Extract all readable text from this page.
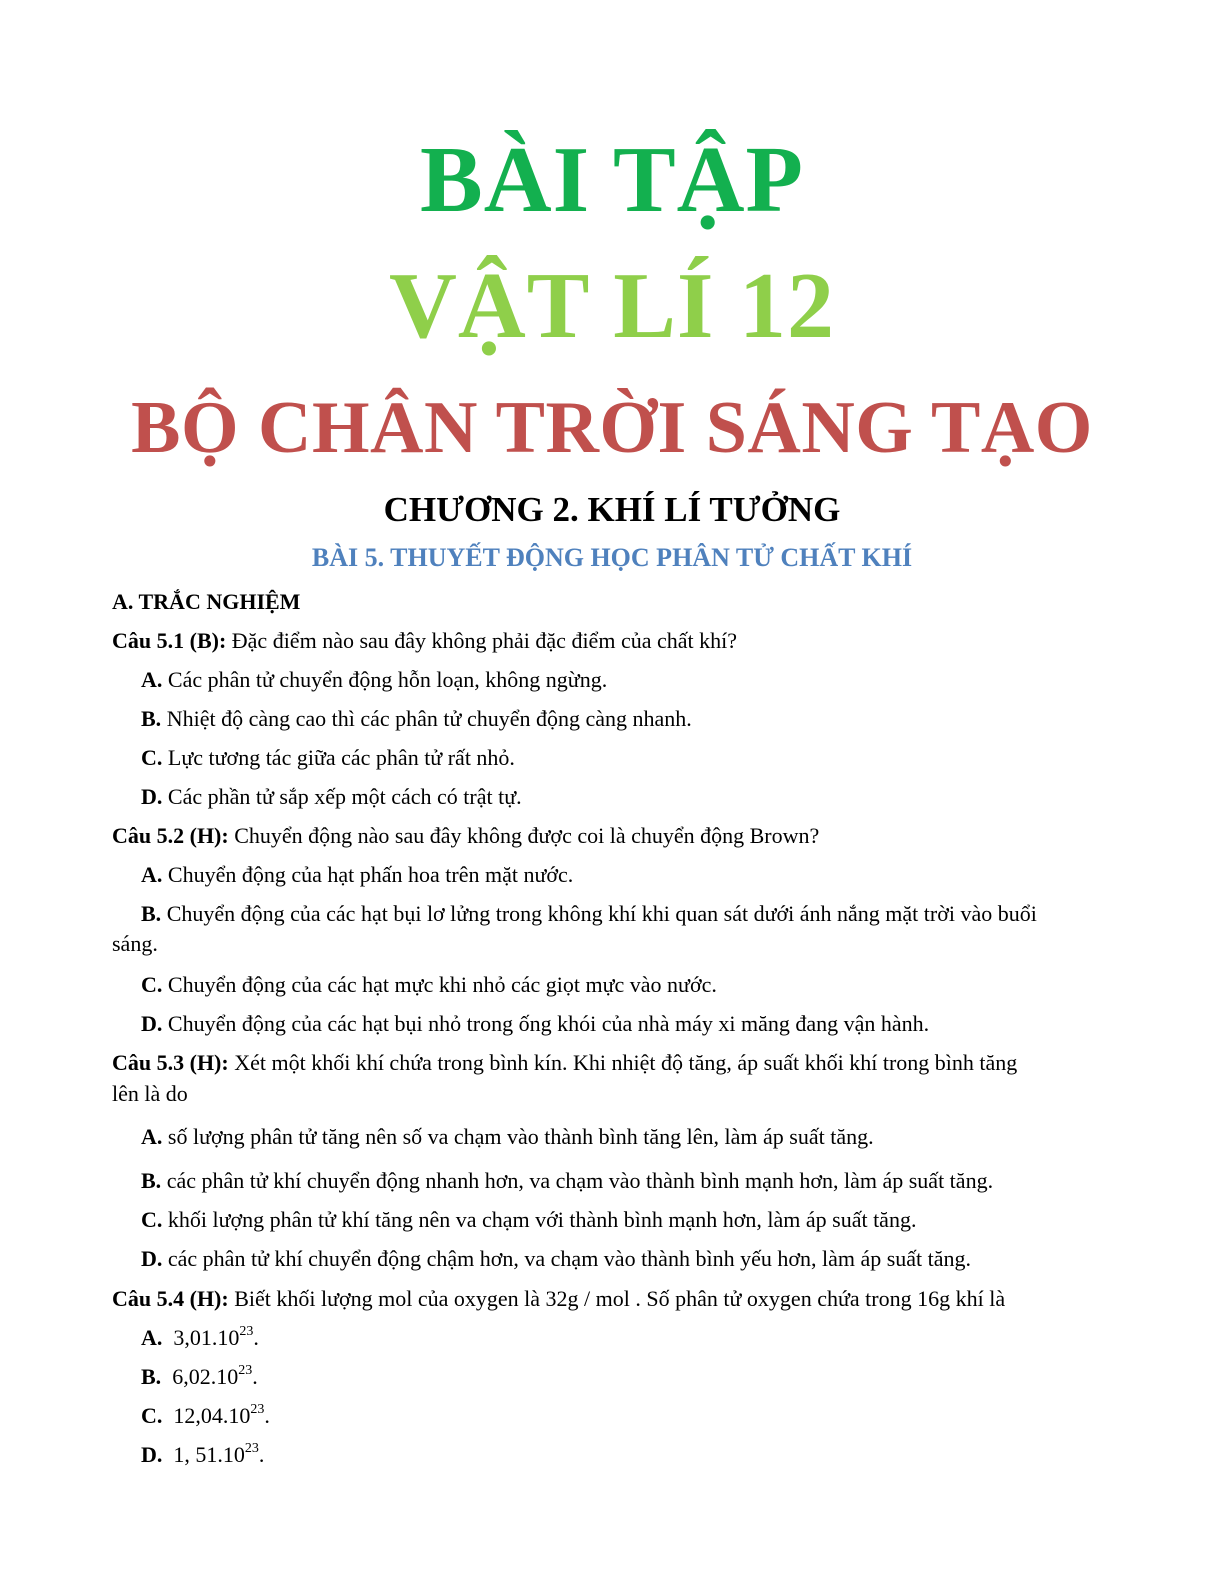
BÀI TẬP
VẬT LÍ 12
BỘ CHÂN TRỜI SÁNG TẠO
CHƯƠNG 2. KHÍ LÍ TƯỞNG
BÀI 5. THUYẾT ĐỘNG HỌC PHÂN TỬ CHẤT KHÍ
A. TRẮC NGHIỆM
Câu 5.1 (B): Đặc điểm nào sau đây không phải đặc điểm của chất khí?
A. Các phân tử chuyển động hỗn loạn, không ngừng.
B. Nhiệt độ càng cao thì các phân tử chuyển động càng nhanh.
C. Lực tương tác giữa các phân tử rất nhỏ.
D. Các phần tử sắp xếp một cách có trật tự.
Câu 5.2 (H): Chuyển động nào sau đây không được coi là chuyển động Brown?
A. Chuyển động của hạt phấn hoa trên mặt nước.
B. Chuyển động của các hạt bụi lơ lửng trong không khí khi quan sát dưới ánh nắng mặt trời vào buổi
sáng.
C. Chuyển động của các hạt mực khi nhỏ các giọt mực vào nước.
D. Chuyển động của các hạt bụi nhỏ trong ống khói của nhà máy xi măng đang vận hành.
Câu 5.3 (H): Xét một khối khí chứa trong bình kín. Khi nhiệt độ tăng, áp suất khối khí trong bình tăng
lên là do
A. số lượng phân tử tăng nên số va chạm vào thành bình tăng lên, làm áp suất tăng.
B. các phân tử khí chuyển động nhanh hơn, va chạm vào thành bình mạnh hơn, làm áp suất tăng.
C. khối lượng phân tử khí tăng nên va chạm với thành bình mạnh hơn, làm áp suất tăng.
D. các phân tử khí chuyển động chậm hơn, va chạm vào thành bình yếu hơn, làm áp suất tăng.
Câu 5.4 (H): Biết khối lượng mol của oxygen là 32g / mol . Số phân tử oxygen chứa trong 16g khí là
A. 3,01.10$^{23}$.
B. 6,02.10$^{23}$.
C. 12,04.10$^{23}$.
D. 1, 51.10$^{23}$.
